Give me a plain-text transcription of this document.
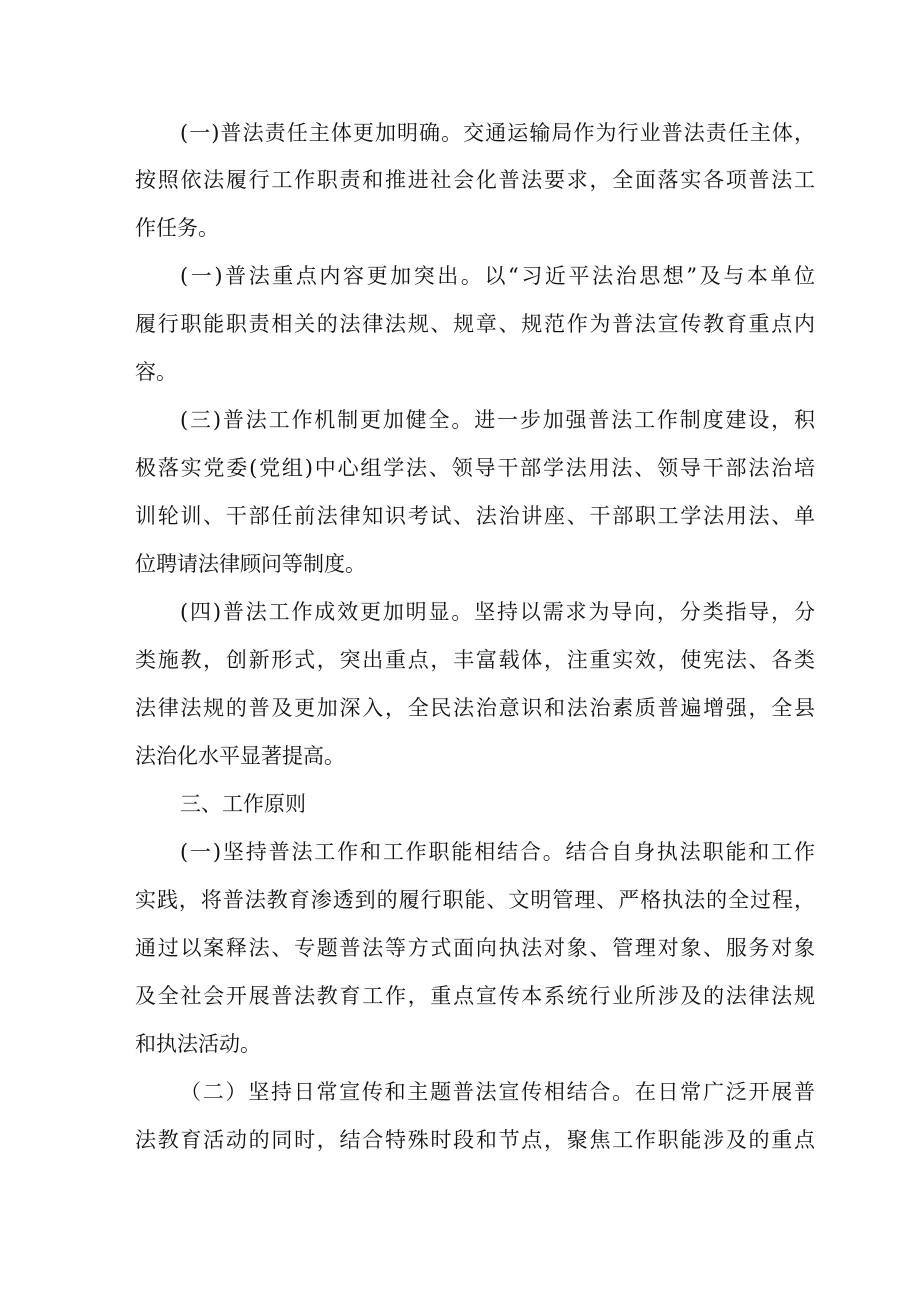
(一)普法责任主体更加明确。交通运输局作为行业普法责任主体，

按照依法履行工作职责和推进社会化普法要求，全面落实各项普法工

作任务。

(一)普法重点内容更加突出。以“习近平法治思想”及与本单位

履行职能职责相关的法律法规、规章、规范作为普法宣传教育重点内

容。

(三)普法工作机制更加健全。进一步加强普法工作制度建设，积

极落实党委(党组)中心组学法、领导干部学法用法、领导干部法治培

训轮训、干部任前法律知识考试、法治讲座、干部职工学法用法、单

位聘请法律顾问等制度。

(四)普法工作成效更加明显。坚持以需求为导向，分类指导，分

类施教，创新形式，突出重点，丰富载体，注重实效，使宪法、各类

法律法规的普及更加深入，全民法治意识和法治素质普遍增强，全县

法治化水平显著提高。

三、工作原则

(一)坚持普法工作和工作职能相结合。结合自身执法职能和工作

实践，将普法教育渗透到的履行职能、文明管理、严格执法的全过程，

通过以案释法、专题普法等方式面向执法对象、管理对象、服务对象

及全社会开展普法教育工作，重点宣传本系统行业所涉及的法律法规

和执法活动。

（二）坚持日常宣传和主题普法宣传相结合。在日常广泛开展普

法教育活动的同时，结合特殊时段和节点，聚焦工作职能涉及的重点
